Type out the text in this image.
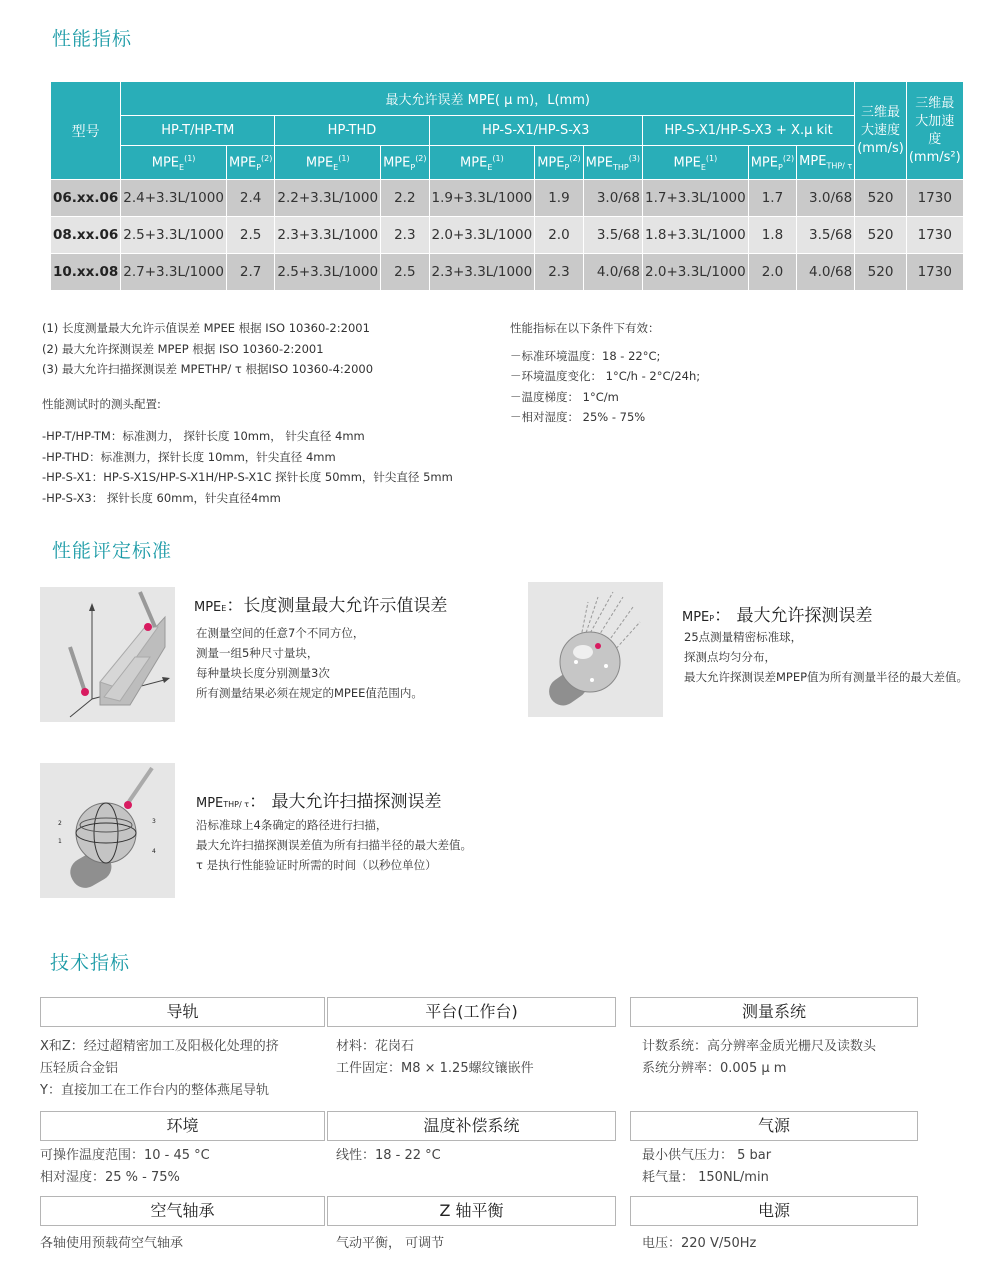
性能指标
型号	最大允许误差 MPE( μ m)，L(mm)										三维最大速度(mm/s)	三维最大加速度(mm/s²)
	HP-T/HP-TM		HP-THD		HP-S-X1/HP-S-X3			HP-S-X1/HP-S-X3 + X.μ kit				
	$MPE_E^{(1)}$	$MPE_P^{(2)}$	$MPE_E^{(1)}$	$MPE_P^{(2)}$	$MPE_E^{(1)}$	$MPE_P^{(2)}$	$MPE_{THP}^{(3)}$	$MPE_E^{(1)}$	$MPE_P^{(2)}$	$MPE_{THP/ \tau}$
06.xx.06	2.4+3.3L/1000	2.4	2.2+3.3L/1000	2.2	1.9+3.3L/1000	1.9	3.0/68	1.7+3.3L/1000	1.7	3.0/68	520	1730
08.xx.06	2.5+3.3L/1000	2.5	2.3+3.3L/1000	2.3	2.0+3.3L/1000	2.0	3.5/68	1.8+3.3L/1000	1.8	3.5/68	520	1730
10.xx.08	2.7+3.3L/1000	2.7	2.5+3.3L/1000	2.5	2.3+3.3L/1000	2.3	4.0/68	2.0+3.3L/1000	2.0	4.0/68	520	1730
(1) 长度测量最大允许示值误差 MPEE 根据 ISO 10360-2:2001
(2) 最大允许探测误差 MPEP 根据 ISO 10360-2:2001
(3) 最大允许扫描探测误差 MPETHP/ τ 根据ISO 10360-4:2000
性能测试时的测头配置:
-HP-T/HP-TM：标准测力， 探针长度 10mm， 针尖直径 4mm
-HP-THD：标准测力，探针长度 10mm，针尖直径 4mm
-HP-S-X1：HP-S-X1S/HP-S-X1H/HP-S-X1C 探针长度 50mm，针尖直径 5mm
-HP-S-X3： 探针长度 60mm，针尖直径4mm
性能指标在以下条件下有效：
－标准环境温度：18 - 22°C;
－环境温度变化： 1°C/h - 2°C/24h;
－温度梯度： 1°C/m
－相对湿度： 25% - 75%
性能评定标准
MPEE：长度测量最大允许示值误差
在测量空间的任意7个不同方位，
测量一组5种尺寸量块，
每种量块长度分别测量3次
所有测量结果必须在规定的MPEE值范围内。
MPEP： 最大允许探测误差
25点测量精密标准球，
探测点均匀分布，
最大允许探测误差MPEP值为所有测量半径的最大差值。
2
1
3
4
MPETHP/ τ： 最大允许扫描探测误差
沿标准球上4条确定的路径进行扫描，
最大允许扫描探测误差值为所有扫描半径的最大差值。
τ 是执行性能验证时所需的时间（以秒位单位）
技术指标
导轨
X和Z：经过超精密加工及阳极化处理的挤
压轻质合金铝
Y：直接加工在工作台内的整体燕尾导轨
平台(工作台)
材料：花岗石
工件固定：M8 × 1.25螺纹镶嵌件
测量系统
计数系统：高分辨率金质光栅尺及读数头
系统分辨率：0.005 μ m
环境
可操作温度范围：10 - 45 °C
相对湿度：25 % - 75%
温度补偿系统
线性：18 - 22 °C
气源
最小供气压力： 5 bar
耗气量： 150NL/min
空气轴承
各轴使用预载荷空气轴承
Z 轴平衡
气动平衡， 可调节
电源
电压：220 V/50Hz
